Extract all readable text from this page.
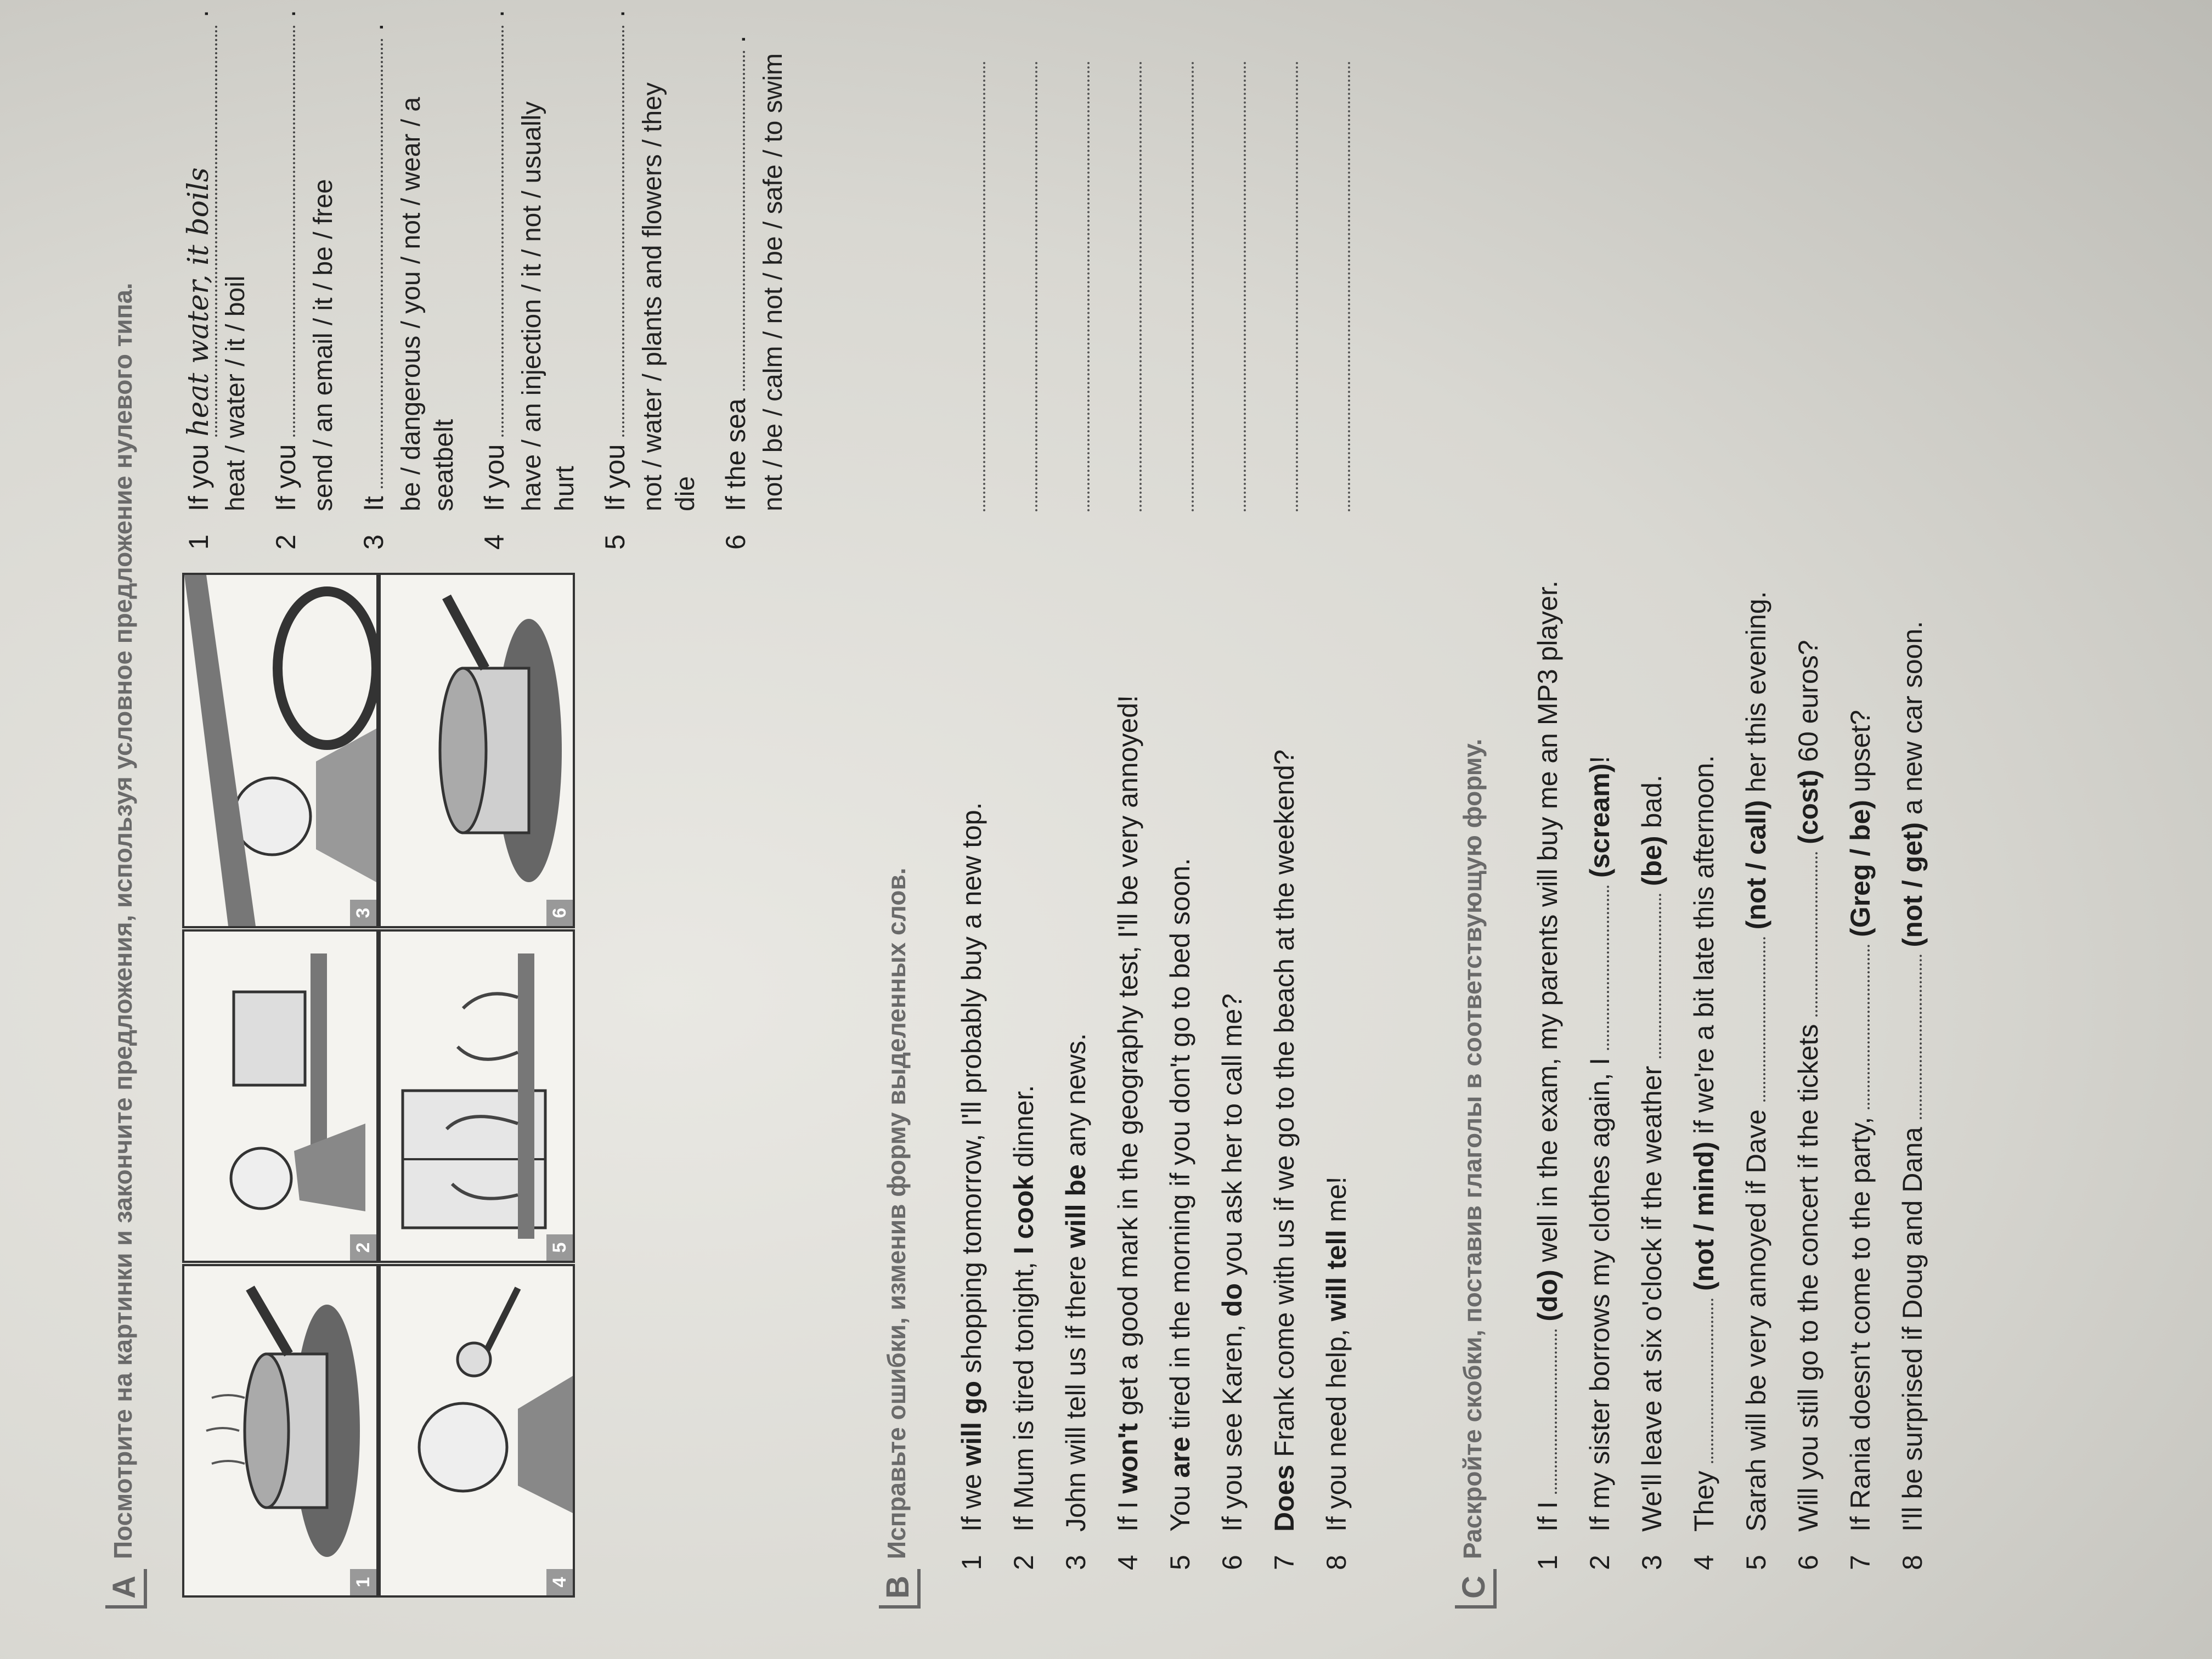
A
Посмотрите на картинки и закончите предложения, используя условное предложение нулевого типа.
1
2
3
4
5
6
1If you heat water, it boils .
heat / water / it / boil
2If you  .
send / an email / it / be / free
3It  .
be / dangerous / you / not / wear / a seatbelt
4If you  .
have / an injection / it / not / usually hurt
5If you  .
not / water / plants and flowers / they die
6If the sea  .
not / be / calm / not / be / safe / to swim
B
Исправьте ошибки, изменив форму выделенных слов.
1If we will go shopping tomorrow, I'll probably buy a new top.
2If Mum is tired tonight, I cook dinner.
3John will tell us if there will be any news.
4If I won't get a good mark in the geography test, I'll be very annoyed!
5You are tired in the morning if you don't go to bed soon.
6If you see Karen, do you ask her to call me?
7Does Frank come with us if we go to the beach at the weekend?
8If you need help, will tell me!
C
Раскройте скобки, поставив глаголы в соответствующую форму.
1If I  (do) well in the exam, my parents will buy me an MP3 player.
2If my sister borrows my clothes again, I  (scream)!
3We'll leave at six o'clock if the weather  (be) bad.
4They  (not / mind) if we're a bit late this afternoon.
5Sarah will be very annoyed if Dave  (not / call) her this evening.
6Will you still go to the concert if the tickets  (cost) 60 euros?
7If Rania doesn't come to the party,  (Greg / be) upset?
8I'll be surprised if Doug and Dana  (not / get) a new car soon.
